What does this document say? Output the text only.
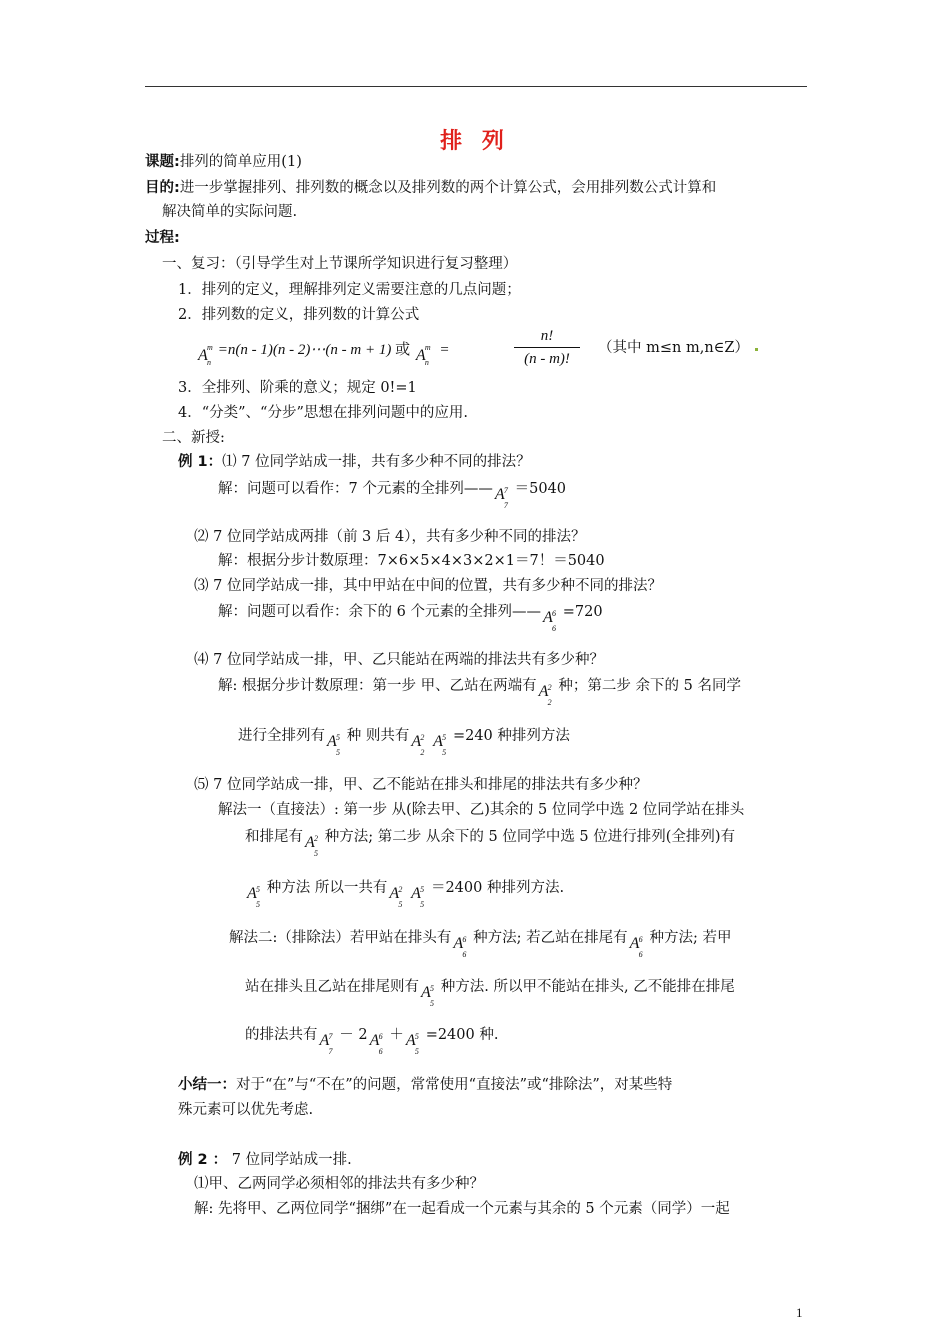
排 列
课题:排列的简单应用(1)
目的:进一步掌握排列、排列数的概念以及排列数的两个计算公式，会用排列数公式计算和
解决简单的实际问题.
过程:
一、复习：（引导学生对上节课所学知识进行复习整理）
1．排列的定义，理解排列定义需要注意的几点问题；
2．排列数的定义，排列数的计算公式
A m
n
=n(n - 1)(n - 2)⋯(n - m + 1) 或 A m
n
=
n!
(n - m)!
（其中 m≤n m,n∈Z）
3．全排列、阶乘的意义；规定 0!=1
4．“分类”、“分步”思想在排列问题中的应用.
二、新授:
例 1：⑴ 7 位同学站成一排，共有多少种不同的排法？
解：问题可以看作：7 个元素的全排列—— A 7
7
＝5040
⑵ 7 位同学站成两排（前 3 后 4），共有多少种不同的排法？
解：根据分步计数原理：7×6×5×4×3×2×1＝7！＝5040
⑶ 7 位同学站成一排，其中甲站在中间的位置，共有多少种不同的排法？
解：问题可以看作：余下的 6 个元素的全排列—— A 6
6
=720
⑷ 7 位同学站成一排，甲、乙只能站在两端的排法共有多少种？
解: 根据分步计数原理：第一步 甲、乙站在两端有 A 2
2
种；第二步 余下的 5 名同学
进行全排列有 A 5
5
种 则共有 A 2
2
A 5
5
=240 种排列方法
⑸ 7 位同学站成一排，甲、乙不能站在排头和排尾的排法共有多少种？
解法一（直接法）: 第一步 从(除去甲、乙)其余的 5 位同学中选 2 位同学站在排头
和排尾有 A 2
5
种方法; 第二步 从余下的 5 位同学中选 5 位进行排列(全排列)有
A 5
5
种方法 所以一共有 A 2
5
A 5
5
＝2400 种排列方法.
解法二:（排除法）若甲站在排头有 A 6
6
种方法; 若乙站在排尾有 A 6
6
种方法; 若甲
站在排头且乙站在排尾则有 A 5
5
种方法. 所以甲不能站在排头, 乙不能排在排尾
的排法共有 A 7
7
－ 2 A 6
6
＋ A 5
5
=2400 种.
小结一：对于“在”与“不在”的问题，常常使用“直接法”或“排除法”，对某些特
殊元素可以优先考虑.
例 2 ： 7 位同学站成一排.
⑴甲、乙两同学必须相邻的排法共有多少种？
解: 先将甲、乙两位同学“捆绑”在一起看成一个元素与其余的 5 个元素（同学）一起
1
